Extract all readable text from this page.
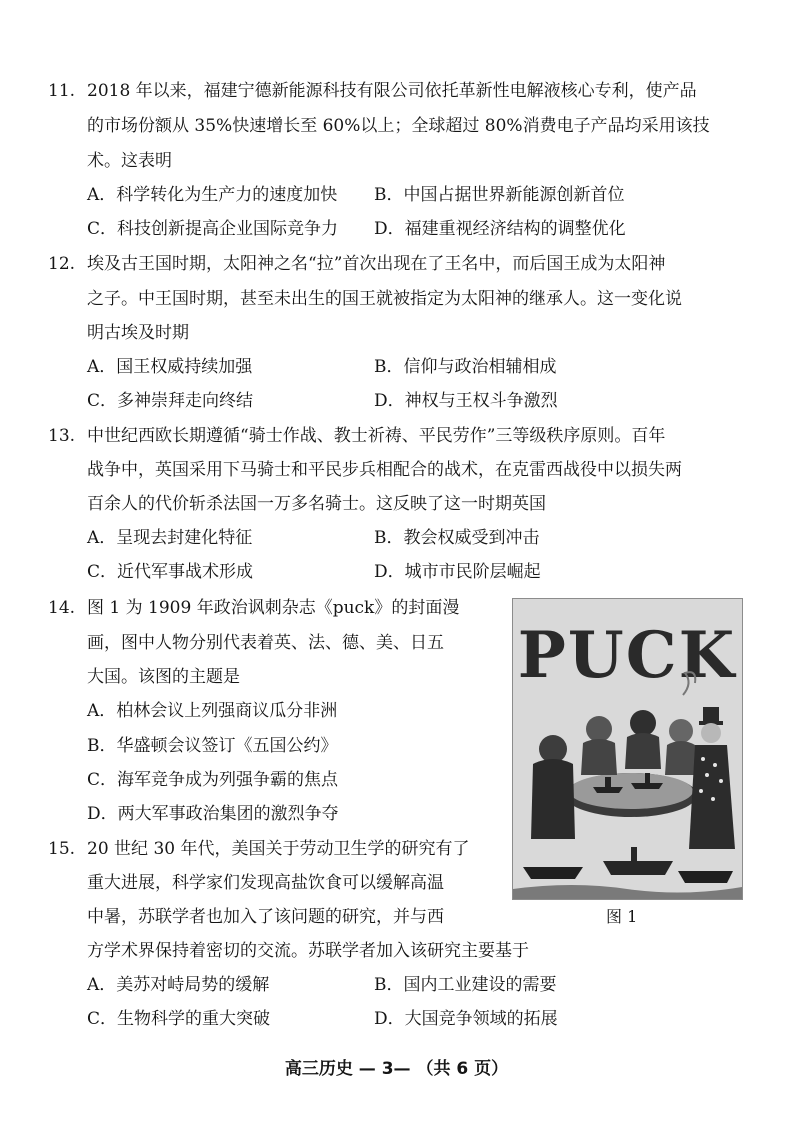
11. 2018 年以来，福建宁德新能源科技有限公司依托革新性电解液核心专利，使产品
的市场份额从 35%快速增长至 60%以上；全球超过 80%消费电子产品均采用该技
术。这表明
A．科学转化为生产力的速度加快 B．中国占据世界新能源创新首位
C．科技创新提高企业国际竞争力 D．福建重视经济结构的调整优化
12. 埃及古王国时期，太阳神之名“拉”首次出现在了王名中，而后国王成为太阳神
之子。中王国时期，甚至未出生的国王就被指定为太阳神的继承人。这一变化说
明古埃及时期
A．国王权威持续加强	B．信仰与政治相辅相成
C．多神崇拜走向终结	D．神权与王权斗争激烈
13. 中世纪西欧长期遵循“骑士作战、教士祈祷、平民劳作”三等级秩序原则。百年
战争中，英国采用下马骑士和平民步兵相配合的战术，在克雷西战役中以损失两
百余人的代价斩杀法国一万多名骑士。这反映了这一时期英国
A．呈现去封建化特征	B．教会权威受到冲击
C．近代军事战术形成	D．城市市民阶层崛起
14. 图 1 为 1909 年政治讽刺杂志《puck》的封面漫
画，图中人物分别代表着英、法、德、美、日五
大国。该图的主题是
A．柏林会议上列强商议瓜分非洲
B．华盛顿会议签订《五国公约》
C．海军竞争成为列强争霸的焦点
D．两大军事政治集团的激烈争夺
15. 20 世纪 30 年代，美国关于劳动卫生学的研究有了
重大进展，科学家们发现高盐饮食可以缓解高温
中暑，苏联学者也加入了该问题的研究，并与西
方学术界保持着密切的交流。苏联学者加入该研究主要基于
A．美苏对峙局势的缓解	B．国内工业建设的需要
C．生物科学的重大突破	D．大国竞争领域的拓展
PUCK
图 1
高三历史 — 3— （共 6 页）
